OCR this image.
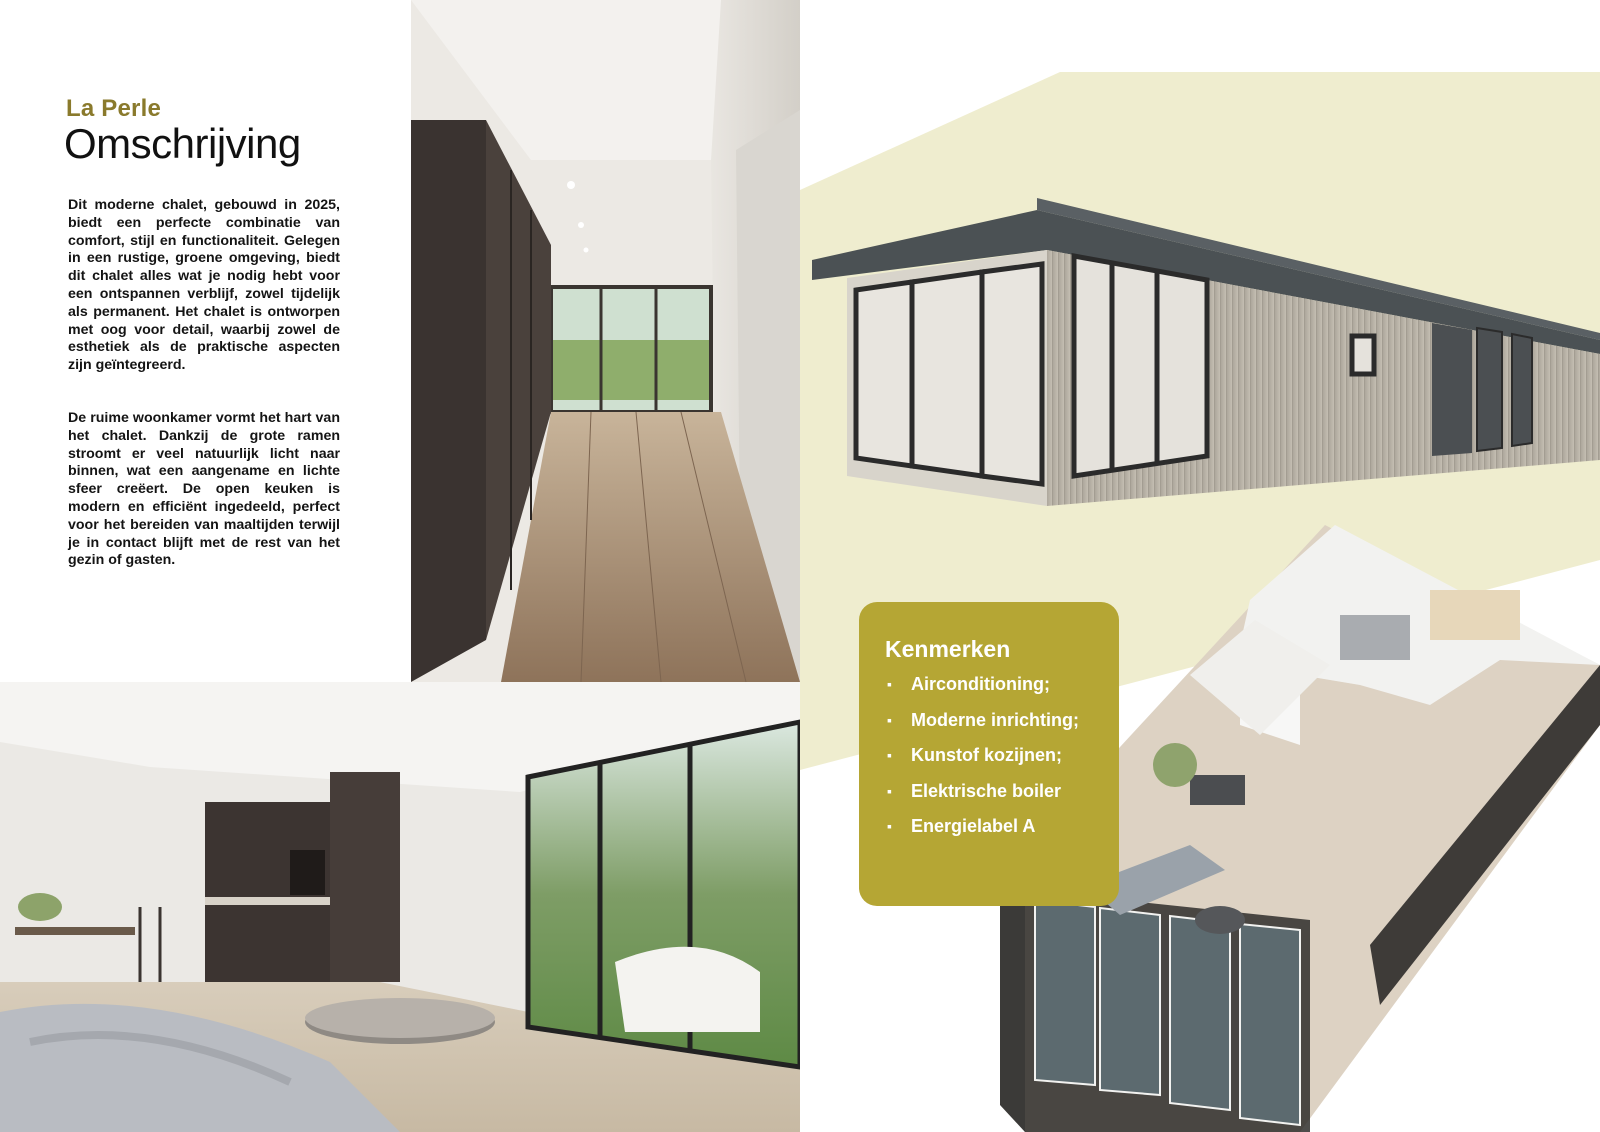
La Perle
Omschrijving

Dit moderne chalet, gebouwd in 2025, biedt een perfecte combinatie van comfort, stijl en functionaliteit. Gelegen in een rustige, groene omgeving, biedt dit chalet alles wat je nodig hebt voor een ontspannen verblijf, zowel tijdelijk als permanent. Het chalet is ontworpen met oog voor detail, waarbij zowel de esthetiek als de praktische aspecten zijn geïntegreerd.

De ruime woonkamer vormt het hart van het chalet. Dankzij de grote ramen stroomt er veel natuurlijk licht naar binnen, wat een aangename en lichte sfeer creëert. De open keuken is modern en efficiënt ingedeeld, perfect voor het bereiden van maaltijden terwijl je in contact blijft met de rest van het gezin of gasten.

Kenmerken
▪	Airconditioning;
▪	Moderne inrichting;
▪	Kunstof kozijnen;
▪	Elektrische boiler
▪	Energielabel A
